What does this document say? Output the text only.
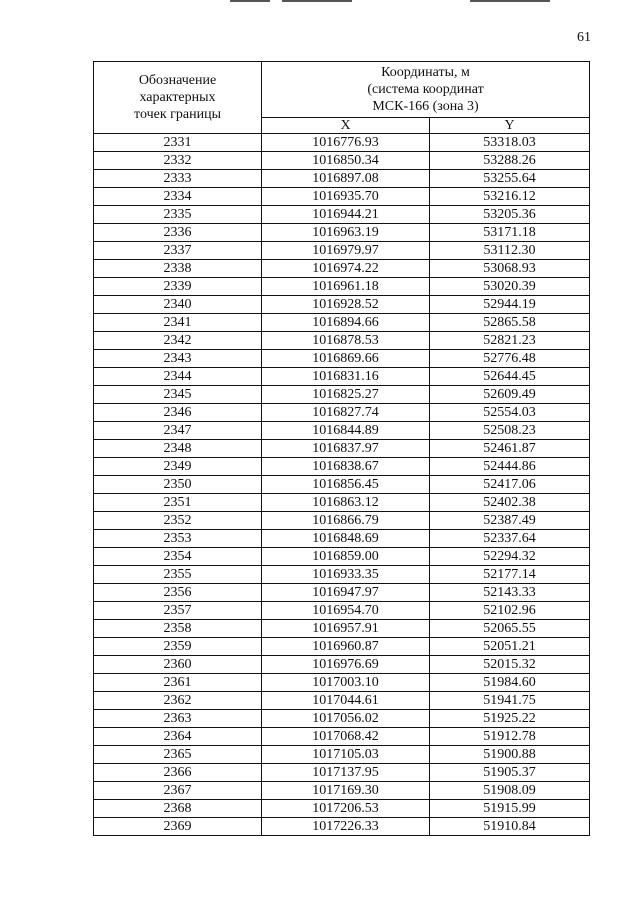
61
Обозначение
характерных
точек границы	Координаты, м
(система координат
МСК-166 (зона 3)	

	X	Y
2331	1016776.93	53318.03
2332	1016850.34	53288.26
2333	1016897.08	53255.64
2334	1016935.70	53216.12
2335	1016944.21	53205.36
2336	1016963.19	53171.18
2337	1016979.97	53112.30
2338	1016974.22	53068.93
2339	1016961.18	53020.39
2340	1016928.52	52944.19
2341	1016894.66	52865.58
2342	1016878.53	52821.23
2343	1016869.66	52776.48
2344	1016831.16	52644.45
2345	1016825.27	52609.49
2346	1016827.74	52554.03
2347	1016844.89	52508.23
2348	1016837.97	52461.87
2349	1016838.67	52444.86
2350	1016856.45	52417.06
2351	1016863.12	52402.38
2352	1016866.79	52387.49
2353	1016848.69	52337.64
2354	1016859.00	52294.32
2355	1016933.35	52177.14
2356	1016947.97	52143.33
2357	1016954.70	52102.96
2358	1016957.91	52065.55
2359	1016960.87	52051.21
2360	1016976.69	52015.32
2361	1017003.10	51984.60
2362	1017044.61	51941.75
2363	1017056.02	51925.22
2364	1017068.42	51912.78
2365	1017105.03	51900.88
2366	1017137.95	51905.37
2367	1017169.30	51908.09
2368	1017206.53	51915.99
2369	1017226.33	51910.84
